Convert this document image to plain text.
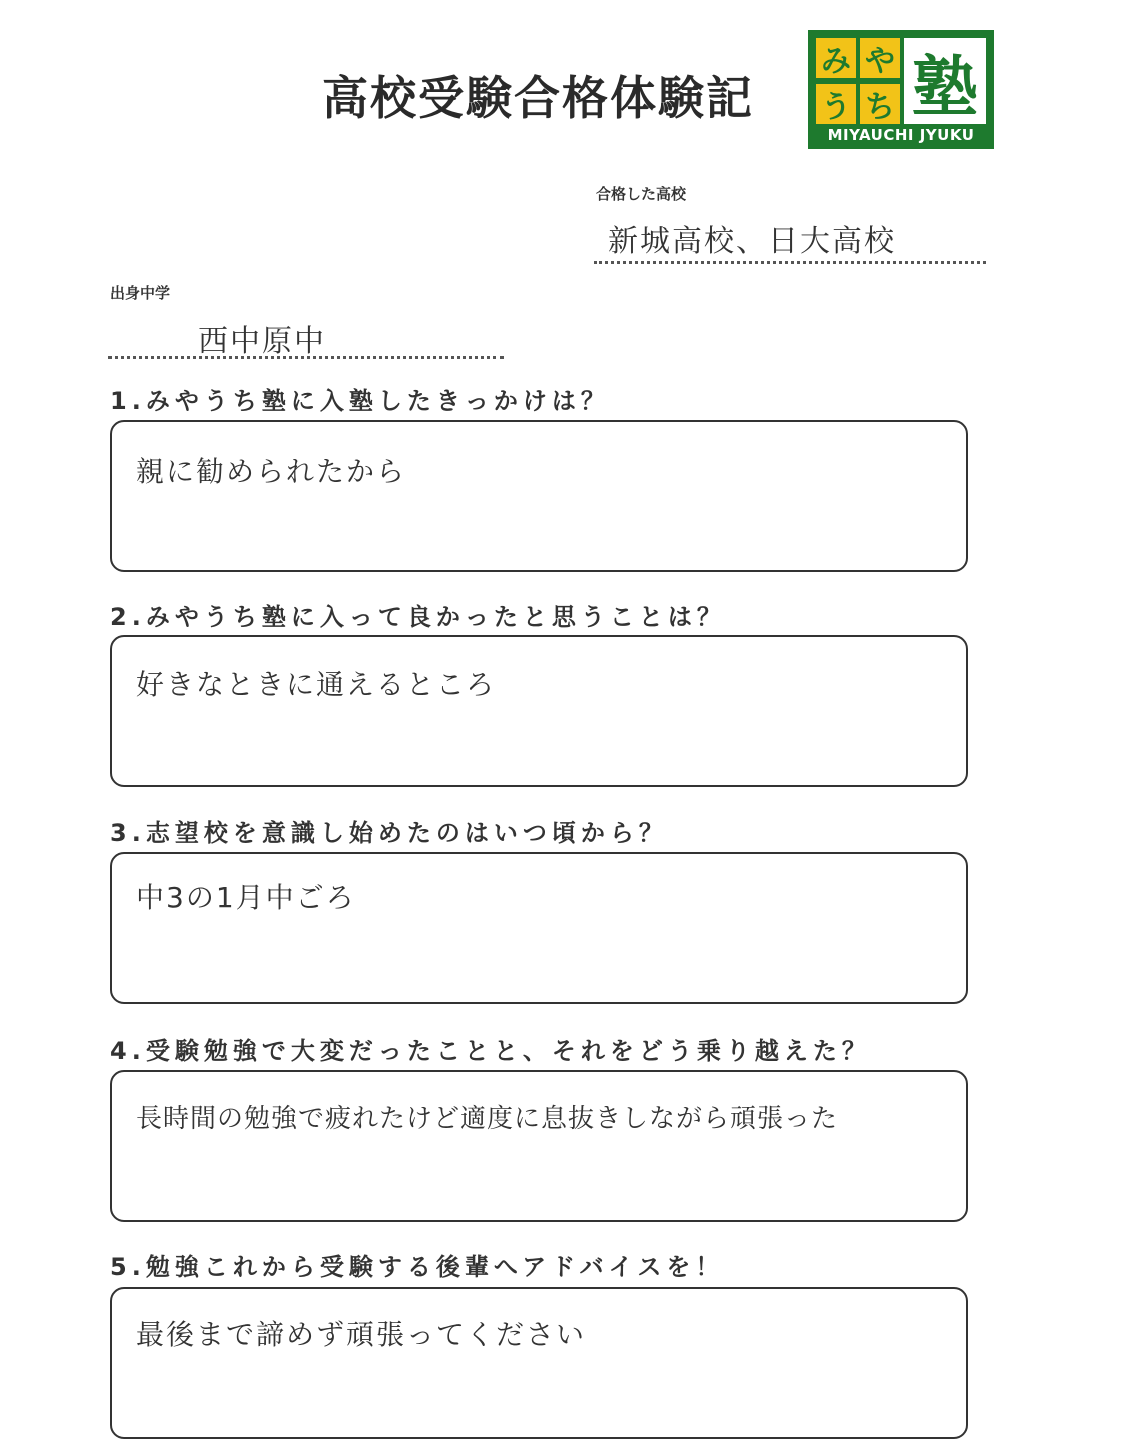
高校受験合格体験記
み や
う ち 塾
MIYAUCHI JYUKU
合格した高校
新城高校、日大高校
出身中学
西中原中
1.みやうち塾に入塾したきっかけは？
親に勧められたから
2.みやうち塾に入って良かったと思うことは？
好きなときに通えるところ
3.志望校を意識し始めたのはいつ頃から？
中3の1月中ごろ
4.受験勉強で大変だったことと、それをどう乗り越えた？
長時間の勉強で疲れたけど適度に息抜きしながら頑張った
5.勉強これから受験する後輩へアドバイスを！
最後まで諦めず頑張ってください
